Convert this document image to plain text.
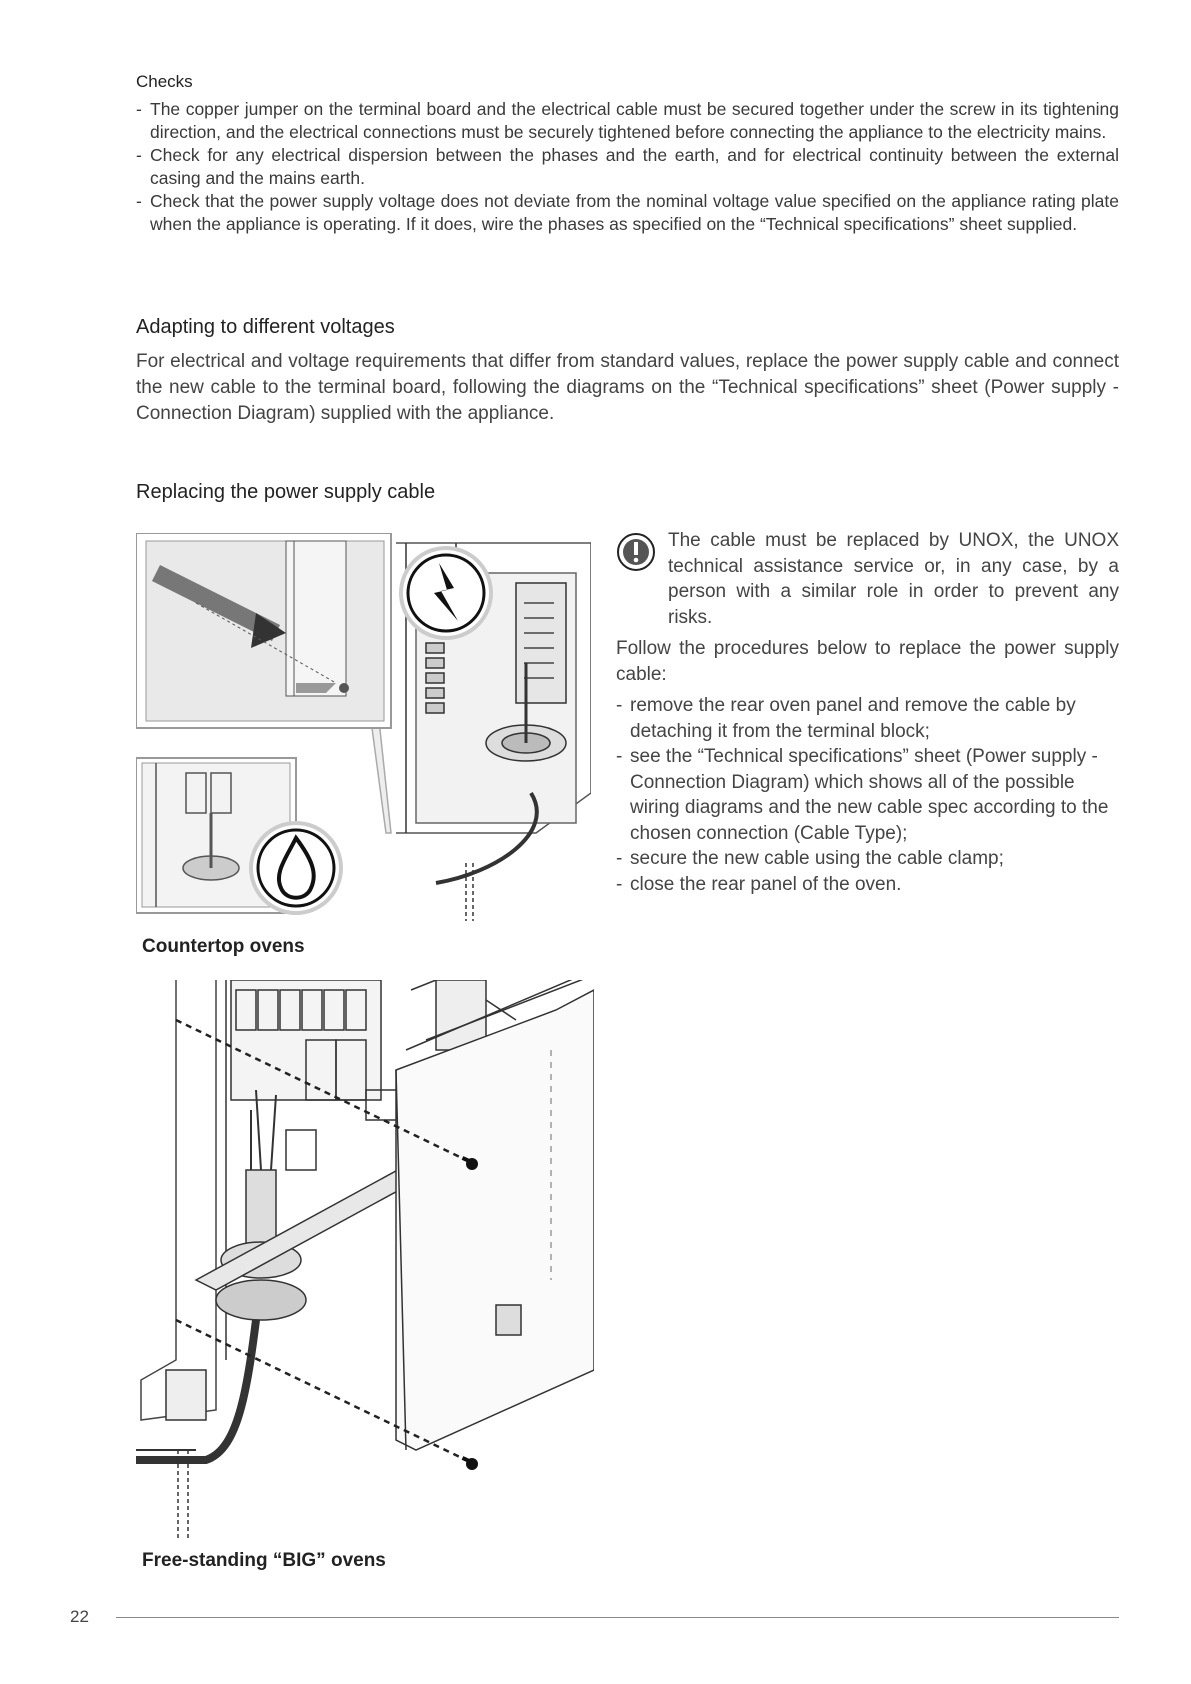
Checks
- The copper jumper on the terminal board and the electrical cable must be secured together under the screw in its tightening direction, and the electrical connections must be securely tightened before connecting the appliance to the electricity mains.
- Check for any electrical dispersion between the phases and the earth, and for electrical continuity between the external casing and the mains earth.
- Check that the power supply voltage does not deviate from the nominal voltage value specified on the appliance rating plate when the appliance is operating. If it does, wire the phases as specified on the “Technical specifications” sheet supplied.
Adapting to different voltages
For electrical and voltage requirements that differ from standard values, replace the power supply cable and connect the new cable to the terminal board, following the diagrams on the “Technical specifications” sheet (Power supply - Connection Diagram) supplied with the appliance.
Replacing the power supply cable
Countertop ovens

The cable must be replaced by UNOX, the UNOX technical assistance service or, in any case, by a person with a similar role in order to prevent any risks.

Follow the procedures below to replace the power supply cable:

- remove the rear oven panel and remove the cable by detaching it from the terminal block;
- see the “Technical specifications” sheet (Power supply - Connection Diagram) which shows all of the possible wiring diagrams and the new cable spec according to the chosen connection (Cable Type);
- secure the new cable using the cable clamp;
- close the rear panel of the oven.
Free-standing “BIG” ovens
22
